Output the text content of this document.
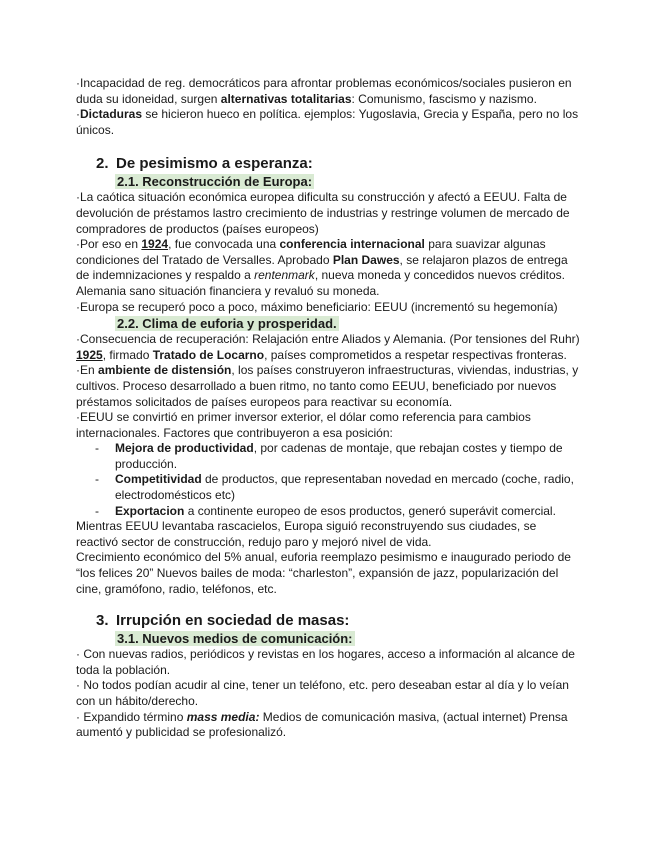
·Incapacidad de reg. democráticos para afrontar problemas económicos/sociales pusieron en duda su idoneidad, surgen alternativas totalitarias: Comunismo, fascismo y nazismo.

·Dictaduras se hicieron hueco en política. ejemplos: Yugoslavia, Grecia y España, pero no los únicos.

2. De pesimismo a esperanza:
2.1. Reconstrucción de Europa:

·La caótica situación económica europea dificulta su construcción y afectó a EEUU. Falta de devolución de préstamos lastro crecimiento de industrias y restringe volumen de mercado de compradores de productos (países europeos)

·Por eso en 1924, fue convocada una conferencia internacional para suavizar algunas condiciones del Tratado de Versalles. Aprobado Plan Dawes, se relajaron plazos de entrega de indemnizaciones y respaldo a rentenmark, nueva moneda y concedidos nuevos créditos. Alemania sano situación financiera y revaluó su moneda.

·Europa se recuperó poco a poco, máximo beneficiario: EEUU (incrementó su hegemonía)

2.2. Clima de euforia y prosperidad.

·Consecuencia de recuperación: Relajación entre Aliados y Alemania. (Por tensiones del Ruhr) 1925, firmado Tratado de Locarno, países comprometidos a respetar respectivas fronteras.

·En ambiente de distensión, los países construyeron infraestructuras, viviendas, industrias, y cultivos. Proceso desarrollado a buen ritmo, no tanto como EEUU, beneficiado por nuevos préstamos solicitados de países europeos para reactivar su economía.

·EEUU se convirtió en primer inversor exterior, el dólar como referencia para cambios internacionales. Factores que contribuyeron a esa posición:

- Mejora de productividad, por cadenas de montaje, que rebajan costes y tiempo de producción.
- Competitividad de productos, que representaban novedad en mercado (coche, radio, electrodomésticos etc)
- Exportacion a continente europeo de esos productos, generó superávit comercial.

Mientras EEUU levantaba rascacielos, Europa siguió reconstruyendo sus ciudades, se reactivó sector de construcción, redujo paro y mejoró nivel de vida.

Crecimiento económico del 5% anual, euforia reemplazo pesimismo e inaugurado periodo de “los felices 20” Nuevos bailes de moda: “charleston”, expansión de jazz, popularización del cine, gramófono, radio, teléfonos, etc.

3. Irrupción en sociedad de masas:
3.1. Nuevos medios de comunicación:

· Con nuevas radios, periódicos y revistas en los hogares, acceso a información al alcance de toda la población.

· No todos podían acudir al cine, tener un teléfono, etc. pero deseaban estar al día y lo veían con un hábito/derecho.

· Expandido término mass media: Medios de comunicación masiva, (actual internet) Prensa aumentó y publicidad se profesionalizó.
